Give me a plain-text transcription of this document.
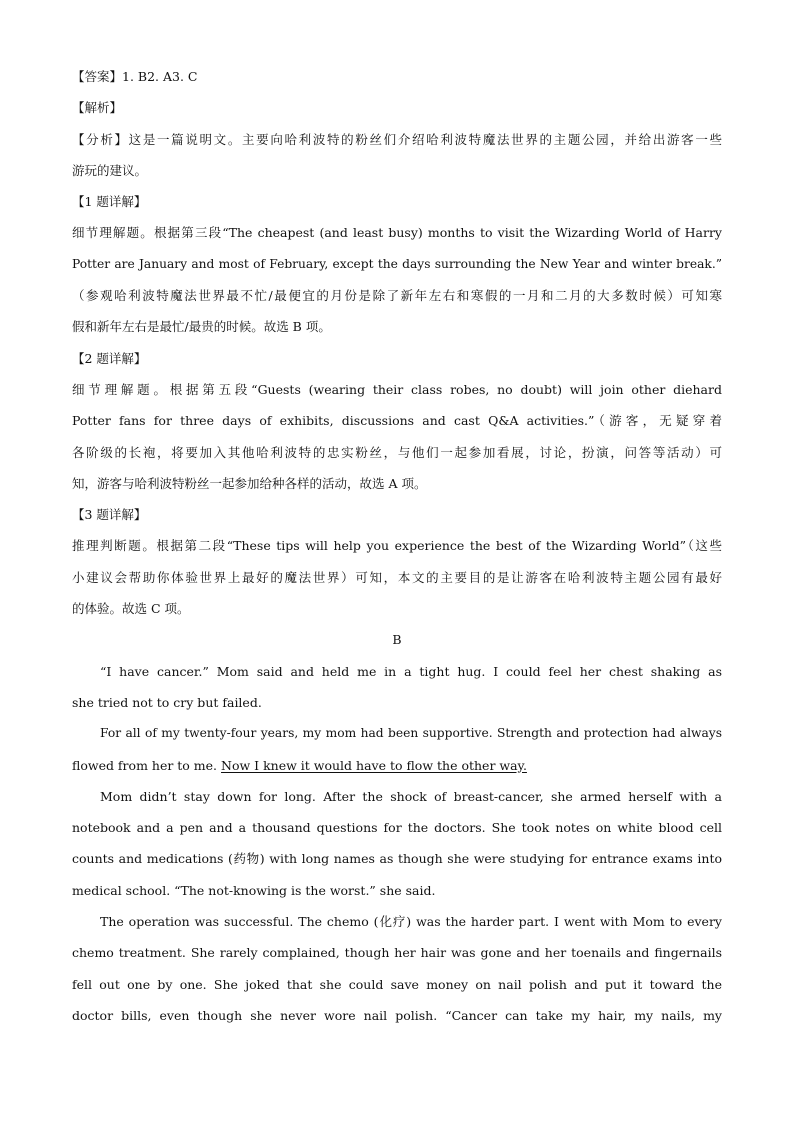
【答案】1. B2. A3. C
【解析】
【分析】这是一篇说明文。主要向哈利波特的粉丝们介绍哈利波特魔法世界的主题公园，并给出游客一些
游玩的建议。
【1 题详解】
细节理解题。根据第三段“The cheapest (and least busy) months to visit the Wizarding World of Harry
Potter are January and most of February, except the days surrounding the New Year and winter break.”
（参观哈利波特魔法世界最不忙/最便宜的月份是除了新年左右和寒假的一月和二月的大多数时候）可知寒
假和新年左右是最忙/最贵的时候。故选 B 项。
【2 题详解】
细节理解题。根据第五段“Guests (wearing their class robes, no doubt) will join other diehard
Potter fans for three days of exhibits, discussions and cast Q&A activities.”（游客，无疑穿着
各阶级的长袍，将要加入其他哈利波特的忠实粉丝，与他们一起参加看展，讨论，扮演，问答等活动）可
知，游客与哈利波特粉丝一起参加给种各样的活动，故选 A 项。
【3 题详解】
推理判断题。根据第二段“These tips will help you experience the best of the Wizarding World”（这些
小建议会帮助你体验世界上最好的魔法世界）可知，本文的主要目的是让游客在哈利波特主题公园有最好
的体验。故选 C 项。
B
“I have cancer.” Mom said and held me in a tight hug. I could feel her chest shaking as
she tried not to cry but failed.
For all of my twenty-four years, my mom had been supportive. Strength and protection had always
flowed from her to me. Now I knew it would have to flow the other way.
Mom didn’t stay down for long. After the shock of breast-cancer, she armed herself with a
notebook and a pen and a thousand questions for the doctors. She took notes on white blood cell
counts and medications (药物) with long names as though she were studying for entrance exams into
medical school. “The not-knowing is the worst.” she said.
The operation was successful. The chemo (化疗) was the harder part. I went with Mom to every
chemo treatment. She rarely complained, though her hair was gone and her toenails and fingernails
fell out one by one. She joked that she could save money on nail polish and put it toward the
doctor bills, even though she never wore nail polish. “Cancer can take my hair, my nails, my
